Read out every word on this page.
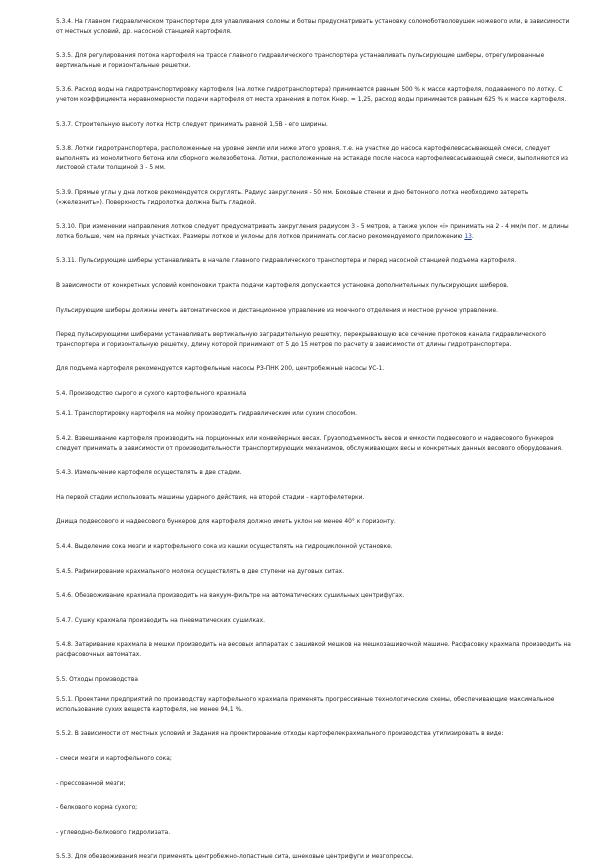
5.3.4. На главном гидравлическом транспортере для улавливания соломы и ботвы предусматривать установку соломоботволовушек ножевого или, в зависимости от местных условий, др. насосной станцией картофеля.

5.3.5. Для регулирования потока картофеля на трассе главного гидравлического транспортера устанавливать пульсирующие шиберы, отрегулированные вертикальные и горизонтальные решетки.

5.3.6. Расход воды на гидротранспортировку картофеля (на лотке гидротранспортера) принимается равным 500 % к массе картофеля, подаваемого по лотку. С учетом коэффициента неравномерности подачи картофеля от места хранения в поток Кнер. = 1,25, расход воды принимается равным 625 % к массе картофеля.

5.3.7. Строительную высоту лотка Нстр следует принимать равной 1,5B - его ширины.

5.3.8. Лотки гидротранспортера, расположенные на уровне земли или ниже этого уровня, т.е. на участке до насоса картофелевсасывающей смеси, следует выполнять из монолитного бетона или сборного железобетона. Лотки, расположенные на эстакаде после насоса картофелевсасывающей смеси, выполняются из листовой стали толщиной 3 - 5 мм.

5.3.9. Прямые углы у дна лотков рекомендуется скруглять. Радиус закругления - 50 мм. Боковые стенки и дно бетонного лотка необходимо затереть («железнить»). Поверхность гидролотка должна быть гладкой.

5.3.10. При изменении направления лотков следует предусматривать закругления радиусом 3 - 5 метров, а также уклон «i» принимать на 2 - 4 мм/м пог. м длины лотка больше, чем на прямых участках. Размеры лотков и уклоны для лотков принимать согласно рекомендуемого приложению 13.

5.3.11. Пульсирующие шиберы устанавливать в начале главного гидравлического транспортера и перед насосной станцией подъема картофеля.

В зависимости от конкретных условий компоновки тракта подачи картофеля допускается установка дополнительных пульсирующих шиберов.

Пульсирующие шиберы должны иметь автоматическое и дистанционное управление из моечного отделения и местное ручное управление.

Перед пульсирующими шиберами устанавливать вертикальную заградительную решетку, перекрывающую все сечение протоков канала гидравлического транспортера и горизонтальную решетку, длину которой принимают от 5 до 15 метров по расчету в зависимости от длины гидротранспортера.

Для подъема картофеля рекомендуется картофельные насосы РЗ-ПНК 200, центробежные насосы УС-1.

5.4. Производство сырого и сухого картофельного крахмала

5.4.1. Транспортировку картофеля на мойку производить гидравлическим или сухим способом.

5.4.2. Взвешивание картофеля производить на порционных или конвейерных весах. Грузоподъемность весов и емкости подвесового и надвесового бункеров следует принимать в зависимости от производительности транспортирующих механизмов, обслуживающих весы и конкретных данных весового оборудования.

5.4.3. Измельчение картофеля осуществлять в две стадии.

На первой стадии использовать машины ударного действия, на второй стадии - картофелетерки.

Днища подвесового и надвесового бункеров для картофеля должно иметь уклон не менее 40° к горизонту.

5.4.4. Выделение сока мезги и картофельного сока из кашки осуществлять на гидроциклонной установке.

5.4.5. Рафинирование крахмального молока осуществлять в две ступени на дуговых ситах.

5.4.6. Обезвоживание крахмала производить на вакуум-фильтре на автоматических сушильных центрифугах.

5.4.7. Сушку крахмала производить на пневматических сушилках.

5.4.8. Затаривание крахмала в мешки производить на весовых аппаратах с зашивкой мешков на мешкозашивочной машине. Расфасовку крахмала производить на расфасовочных автоматах.

5.5. Отходы производства

5.5.1. Проектами предприятий по производству картофельного крахмала применять прогрессивные технологические схемы, обеспечивающие максимальное использование сухих веществ картофеля, не менее 94,1 %.

5.5.2. В зависимости от местных условий и Задания на проектирование отходы картофелекрахмального производства утилизировать в виде:

- смеси мезги и картофельного сока;

- прессованной мезги;

- белкового корма сухого;

- углеводно-белкового гидролизата.

5.5.3. Для обезвоживания мезги применять центробежно-лопастные сита, шнековые центрифуги и мезгопрессы.
